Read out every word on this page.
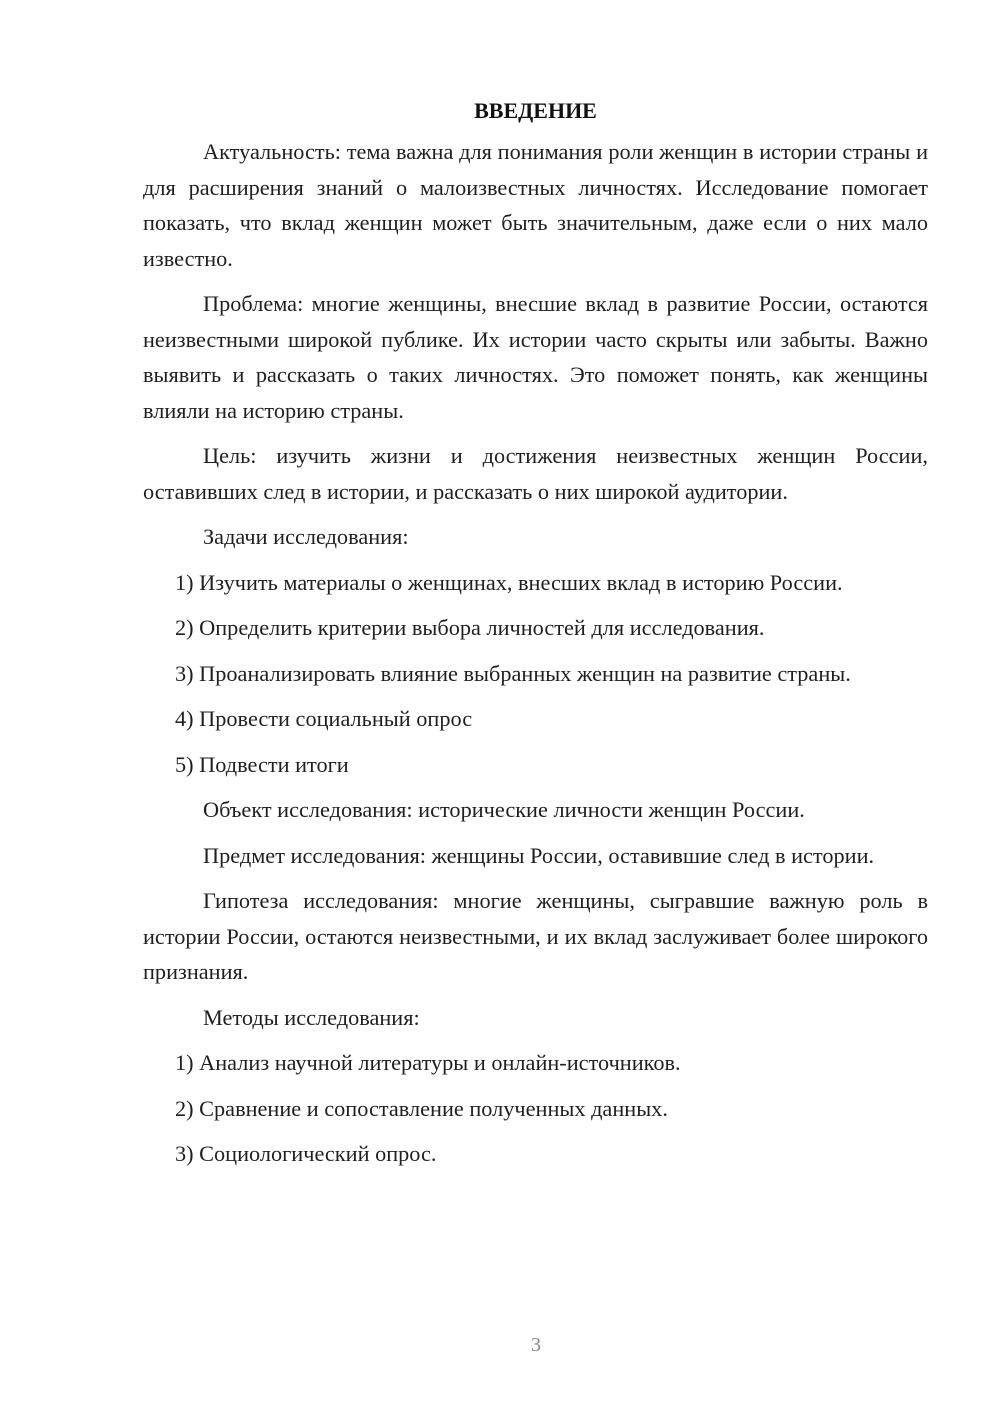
ВВЕДЕНИЕ

Актуальность: тема важна для понимания роли женщин в истории страны и для расширения знаний о малоизвестных личностях. Исследование помогает показать, что вклад женщин может быть значительным, даже если о них мало известно.

Проблема: многие женщины, внесшие вклад в развитие России, остаются неизвестными широкой публике. Их истории часто скрыты или забыты. Важно выявить и рассказать о таких личностях. Это поможет понять, как женщины влияли на историю страны.

Цель: изучить жизни и достижения неизвестных женщин России, оставивших след в истории, и рассказать о них широкой аудитории.

Задачи исследования:

1) Изучить материалы о женщинах, внесших вклад в историю России.

2) Определить критерии выбора личностей для исследования.

3) Проанализировать влияние выбранных женщин на развитие страны.

4) Провести социальный опрос

5) Подвести итоги

Объект исследования: исторические личности женщин России.

Предмет исследования: женщины России, оставившие след в истории.

Гипотеза исследования: многие женщины, сыгравшие важную роль в истории России, остаются неизвестными, и их вклад заслуживает более широкого признания.

Методы исследования:

1) Анализ научной литературы и онлайн-источников.

2) Сравнение и сопоставление полученных данных.

3) Социологический опрос.

3
